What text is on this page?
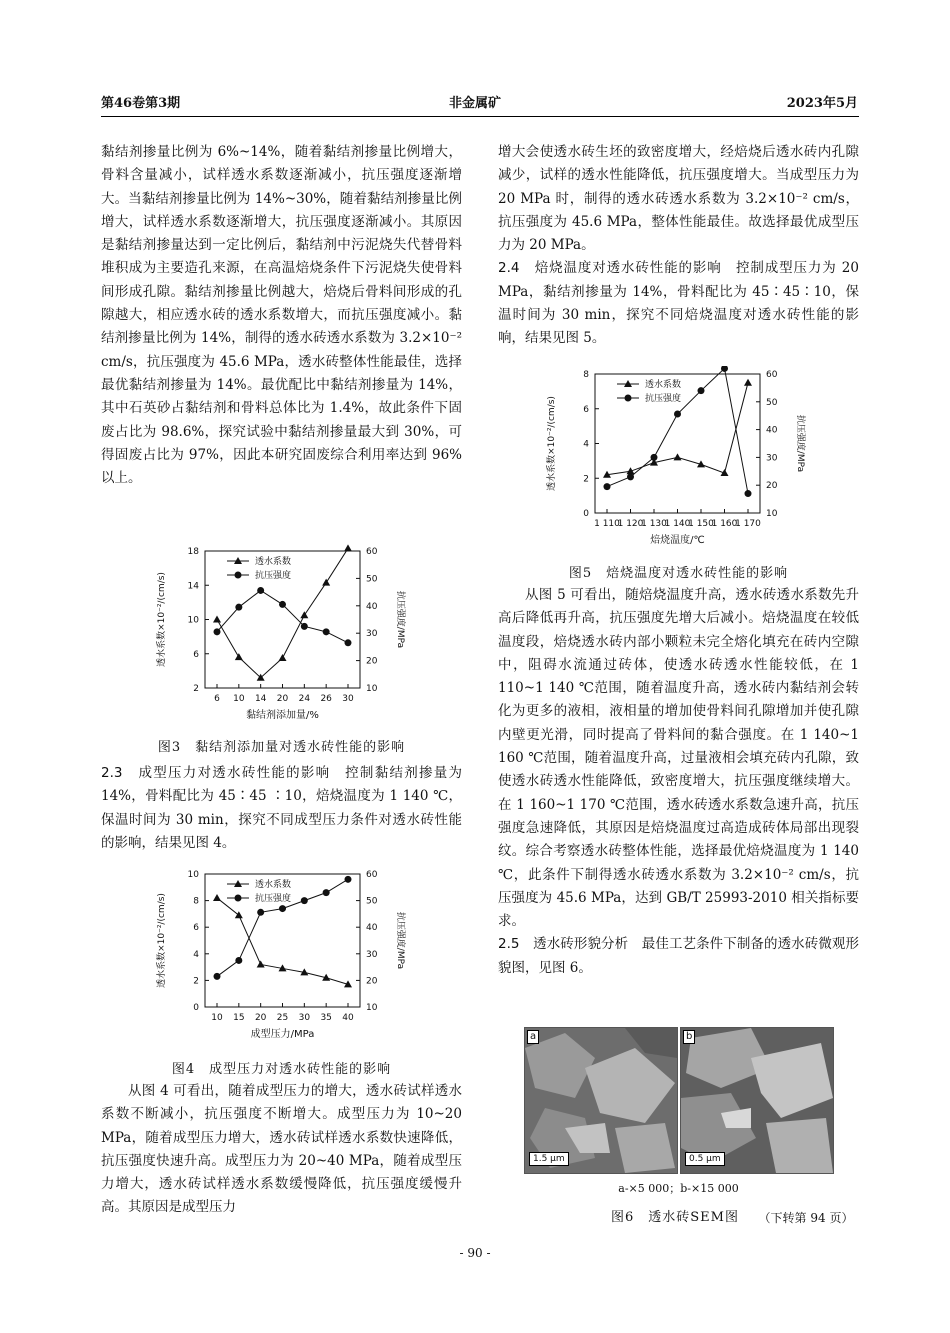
第46卷第3期	非金属矿	2023年5月

黏结剂掺量比例为 6%~14%，随着黏结剂掺量比例增大，骨料含量减小，试样透水系数逐渐减小，抗压强度逐渐增大。当黏结剂掺量比例为 14%~30%，随着黏结剂掺量比例增大，试样透水系数逐渐增大，抗压强度逐渐减小。其原因是黏结剂掺量达到一定比例后，黏结剂中污泥烧失代替骨料堆积成为主要造孔来源，在高温焙烧条件下污泥烧失使骨料间形成孔隙。黏结剂掺量比例越大，焙烧后骨料间形成的孔隙越大，相应透水砖的透水系数增大，而抗压强度减小。黏结剂掺量比例为 14%，制得的透水砖透水系数为 3.2×10⁻² cm/s，抗压强度为 45.6 MPa，透水砖整体性能最佳，选择最优黏结剂掺量为 14%。最优配比中黏结剂掺量为 14%，其中石英砂占黏结剂和骨料总体比为 1.4%，故此条件下固废占比为 98.6%，探究试验中黏结剂掺量最大到 30%，可得固废占比为 97%，因此本研究固废综合利用率达到 96% 以上。

2
6
10
14
18
10
20
30
40
50
60
6 10 14 20 24 26 30
黏结剂添加量/%
透水系数×10⁻²/(cm/s)	抗压强度/MPa
透水系数
抗压强度
图3　黏结剂添加量对透水砖性能的影响

2.3　成型压力对透水砖性能的影响　控制黏结剂掺量为 14%，骨料配比为 45∶45 ∶10，焙烧温度为 1 140 ℃，保温时间为 30 min，探究不同成型压力条件对透水砖性能的影响，结果见图 4。

0
2
4
6
8
10
10
20
30
40
50
60
10 15 20 25 30 35 40
成型压力/MPa
透水系数×10⁻²/(cm/s)	抗压强度/MPa
透水系数
抗压强度
图4　成型压力对透水砖性能的影响

从图 4 可看出，随着成型压力的增大，透水砖试样透水系数不断减小，抗压强度不断增大。成型压力为 10~20 MPa，随着成型压力增大，透水砖试样透水系数快速降低，抗压强度快速升高。成型压力为 20~40 MPa，随着成型压力增大，透水砖试样透水系数缓慢降低，抗压强度缓慢升高。其原因是成型压力

增大会使透水砖生坯的致密度增大，经焙烧后透水砖内孔隙减少，试样的透水性能降低，抗压强度增大。当成型压力为 20 MPa 时，制得的透水砖透水系数为 3.2×10⁻² cm/s，抗压强度为 45.6 MPa，整体性能最佳。故选择最优成型压力为 20 MPa。

2.4　焙烧温度对透水砖性能的影响　控制成型压力为 20 MPa，黏结剂掺量为 14%，骨料配比为 45∶45∶10，保温时间为 30 min，探究不同焙烧温度对透水砖性能的影响，结果见图 5。

0
2
4
6
8
10
20
30
40
50
60
1 110
1 120
1 130
1 140
1 150
1 160
1 170
焙烧温度/℃
透水系数×10⁻²/(cm/s)	抗压强度/MPa
透水系数
抗压强度
图5　焙烧温度对透水砖性能的影响

从图 5 可看出，随焙烧温度升高，透水砖透水系数先升高后降低再升高，抗压强度先增大后减小。焙烧温度在较低温度段，焙烧透水砖内部小颗粒未完全熔化填充在砖内空隙中，阻碍水流通过砖体，使透水砖透水性能较低，在 1 110~1 140 ℃范围，随着温度升高，透水砖内黏结剂会转化为更多的液相，液相量的增加使骨料间孔隙增加并使孔隙内壁更光滑，同时提高了骨料间的黏合强度。在 1 140~1 160 ℃范围，随着温度升高，过量液相会填充砖内孔隙，致使透水砖透水性能降低，致密度增大，抗压强度继续增大。在 1 160~1 170 ℃范围，透水砖透水系数急速升高，抗压强度急速降低，其原因是焙烧温度过高造成砖体局部出现裂纹。综合考察透水砖整体性能，选择最优焙烧温度为 1 140 ℃，此条件下制得透水砖透水系数为 3.2×10⁻² cm/s，抗压强度为 45.6 MPa，达到 GB/T 25993-2010 相关指标要求。

2.5　透水砖形貌分析　最佳工艺条件下制备的透水砖微观形貌图，见图 6。

a
1.5 μm
b
0.5 μm
a-×5 000；b-×15 000
图6　透水砖SEM图	（下转第 94 页）
- 90 -
